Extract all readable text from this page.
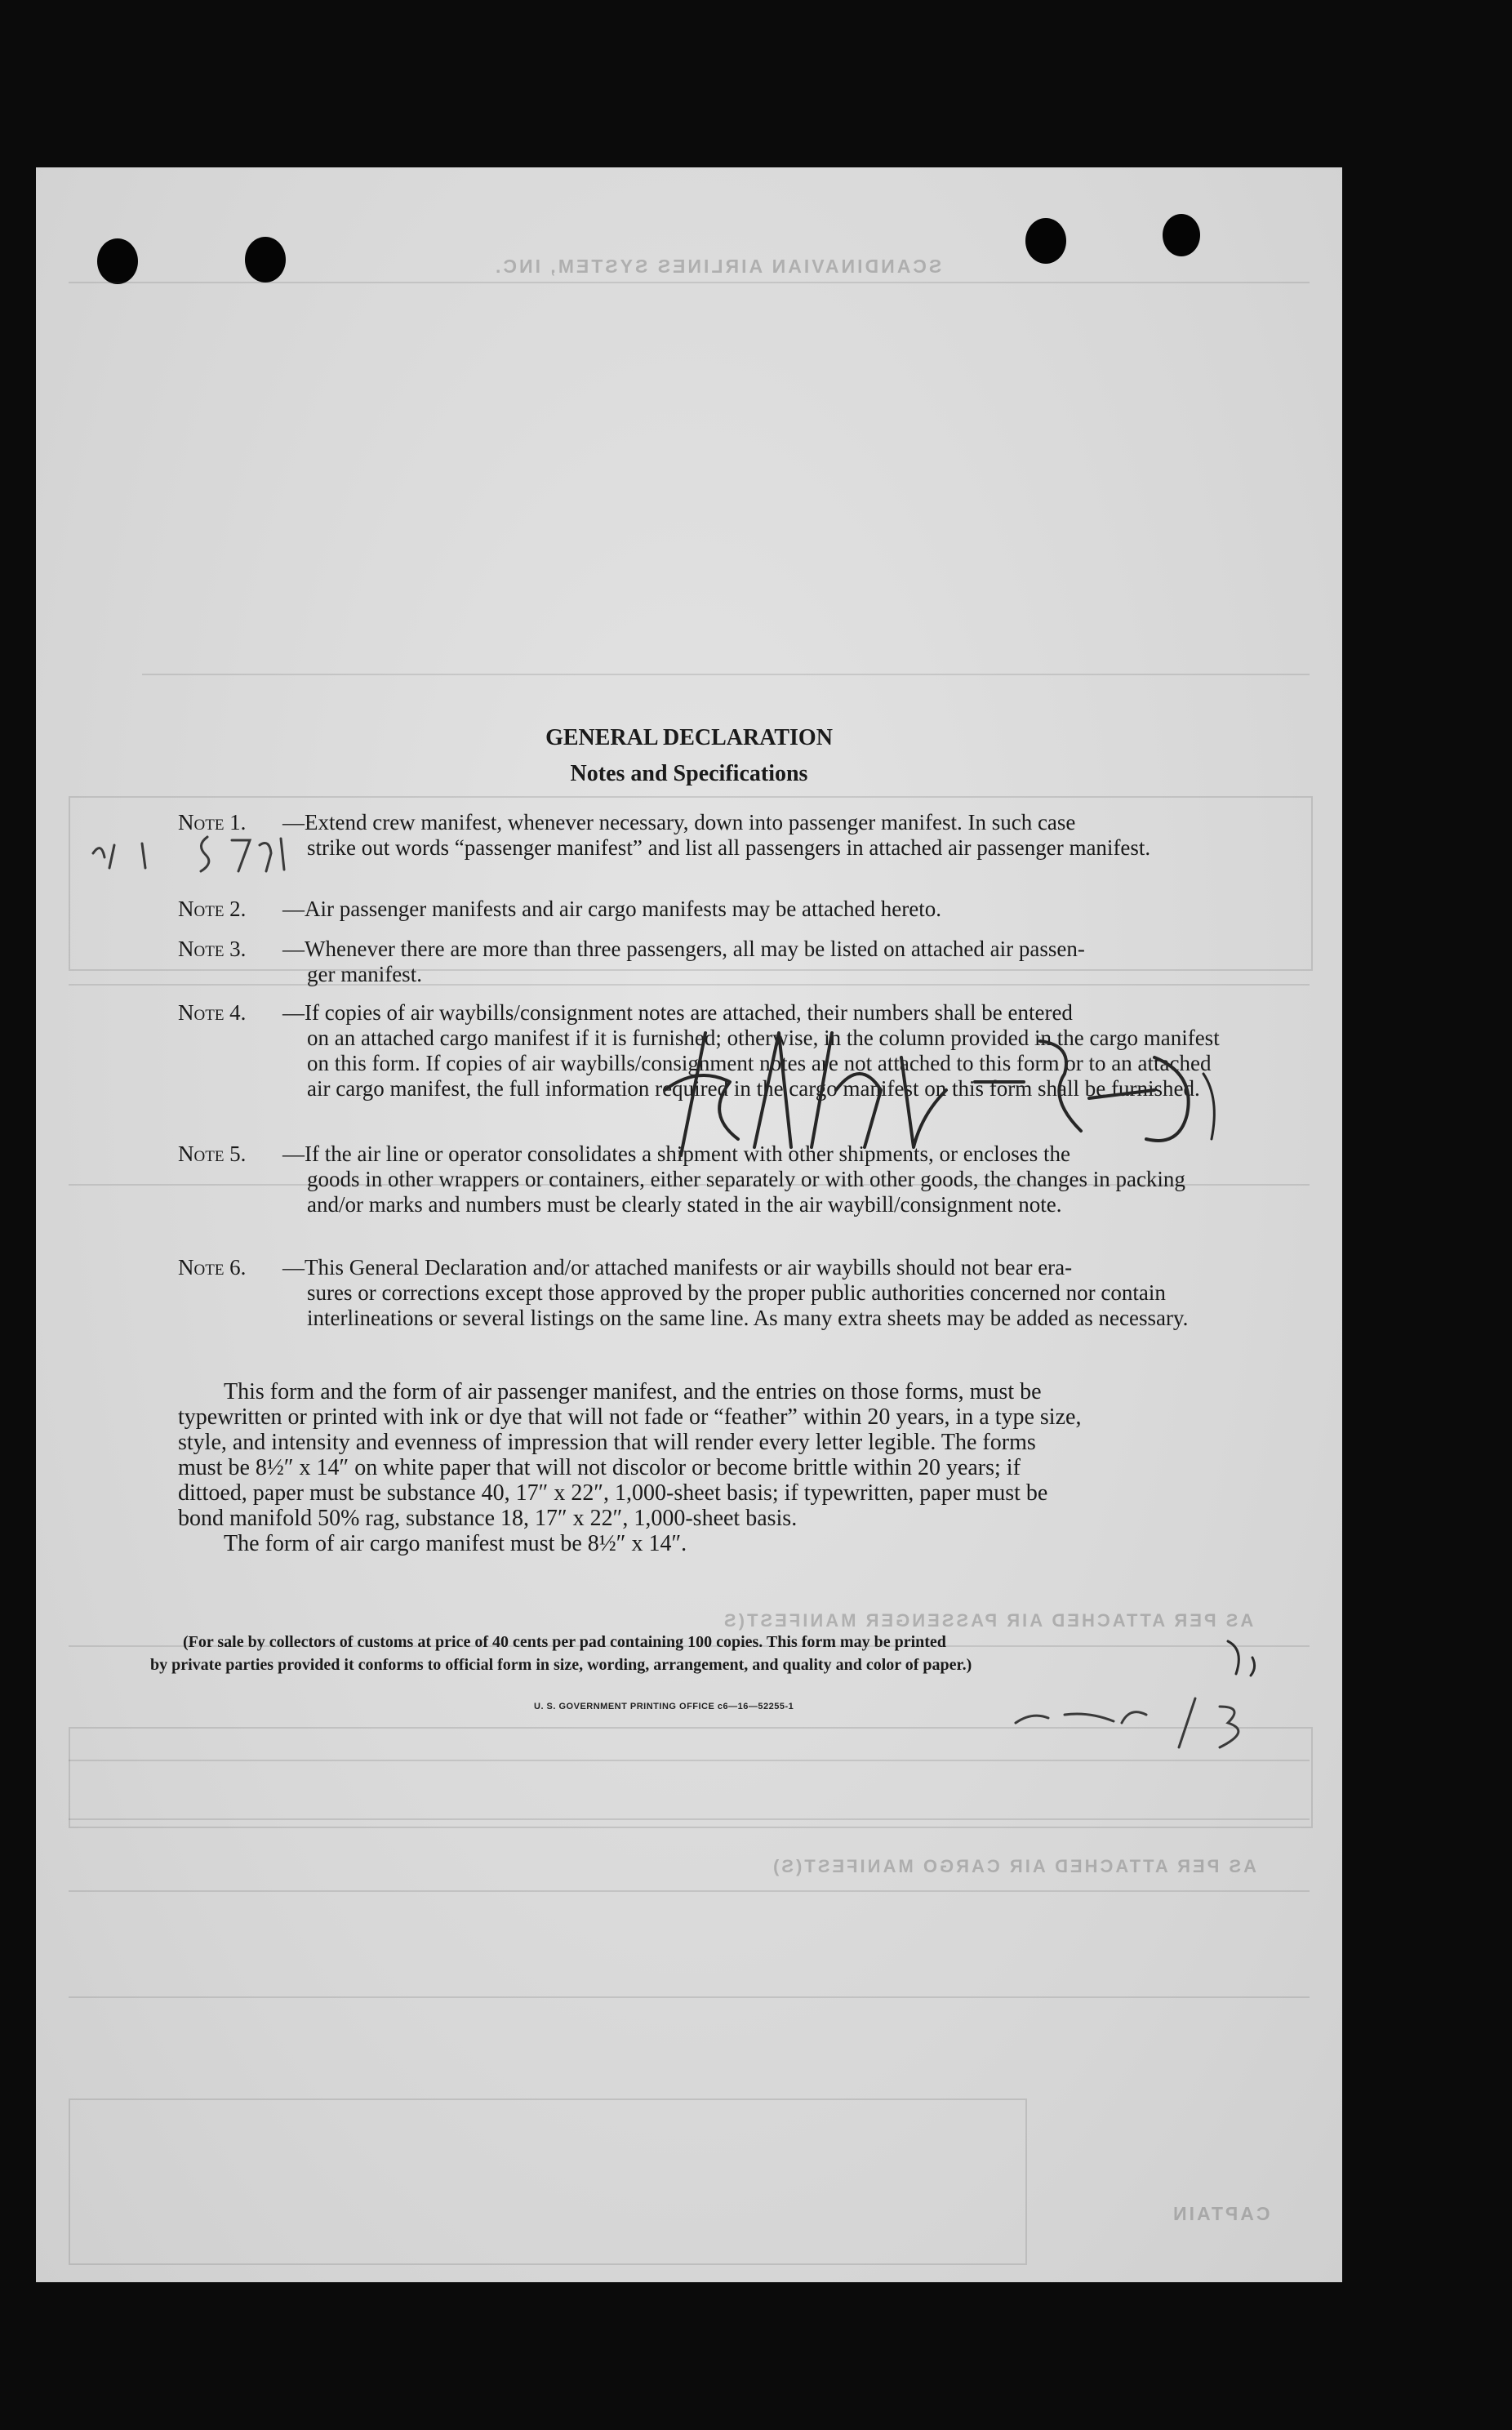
SCANDINAVIAN AIRLINES SYSTEM, INC.
AS PER ATTACHED AIR PASSENGER MANIFEST(S
AS PER ATTACHED AIR CARGO MANIFEST(S)
CAPTAIN
GENERAL DECLARATION
Notes and Specifications
Note 1.	—Extend crew manifest, whenever necessary, down into passenger manifest. In such case
strike out words “passenger manifest” and list all passengers in attached air passenger manifest.
Note 2.	—Air passenger manifests and air cargo manifests may be attached hereto.
Note 3.	—Whenever there are more than three passengers, all may be listed on attached air passen-
ger manifest.
Note 4.	—If copies of air waybills/consignment notes are attached, their numbers shall be entered
on an attached cargo manifest if it is furnished; otherwise, in the column provided in the cargo manifest on this form. If copies of air waybills/consignment notes are not attached to this form or to an attached air cargo manifest, the full information required in the cargo manifest on this form shall be furnished.
Note 5.	—If the air line or operator consolidates a shipment with other shipments, or encloses the
goods in other wrappers or containers, either separately or with other goods, the changes in packing and/or marks and numbers must be clearly stated in the air waybill/consignment note.
Note 6.	—This General Declaration and/or attached manifests or air waybills should not bear era-
sures or corrections except those approved by the proper public authorities concerned nor contain interlineations or several listings on the same line. As many extra sheets may be added as necessary.
This form and the form of air passenger manifest, and the entries on those forms, must be
typewritten or printed with ink or dye that will not fade or “feather” within 20 years, in a type size,
style, and intensity and evenness of impression that will render every letter legible. The forms
must be 8½″ x 14″ on white paper that will not discolor or become brittle within 20 years; if
dittoed, paper must be substance 40, 17″ x 22″, 1,000-sheet basis; if typewritten, paper must be
bond manifold 50% rag, substance 18, 17″ x 22″, 1,000-sheet basis.
The form of air cargo manifest must be 8½″ x 14″.
(For sale by collectors of customs at price of 40 cents per pad containing 100 copies. This form may be printed
by private parties provided it conforms to official form in size, wording, arrangement, and quality and color of paper.)
U. S. GOVERNMENT PRINTING OFFICE c6—16—52255-1
